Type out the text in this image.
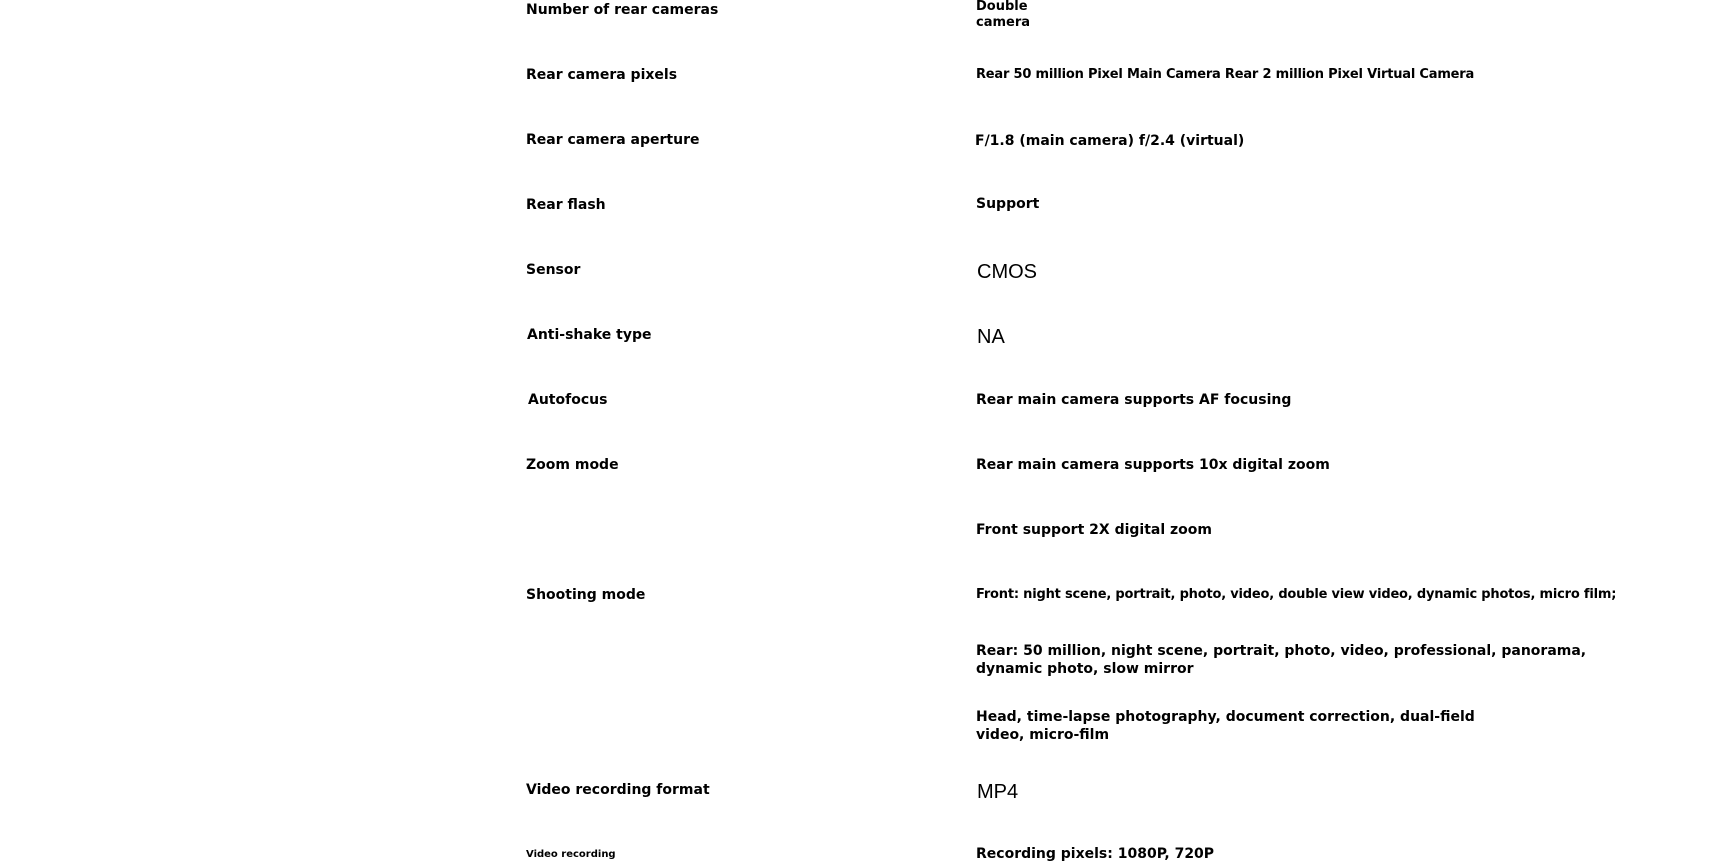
Number of rear cameras	Double camera
Rear camera pixels	Rear 50 million Pixel Main Camera Rear 2 million Pixel Virtual Camera
Rear camera aperture	F/1.8 (main camera) f/2.4 (virtual)
Rear flash	Support
Sensor	CMOS
Anti-shake type	NA
Autofocus	Rear main camera supports AF focusing
Zoom mode	Rear main camera supports 10x digital zoom
Front support 2X digital zoom
Shooting mode	Front: night scene, portrait, photo, video, double view video, dynamic photos, micro film;
Rear: 50 million, night scene, portrait, photo, video, professional, panorama, dynamic photo, slow mirror
Head, time-lapse photography, document correction, dual-field video, micro-film
Video recording format	MP4
Video recording	Recording pixels: 1080P, 720P
